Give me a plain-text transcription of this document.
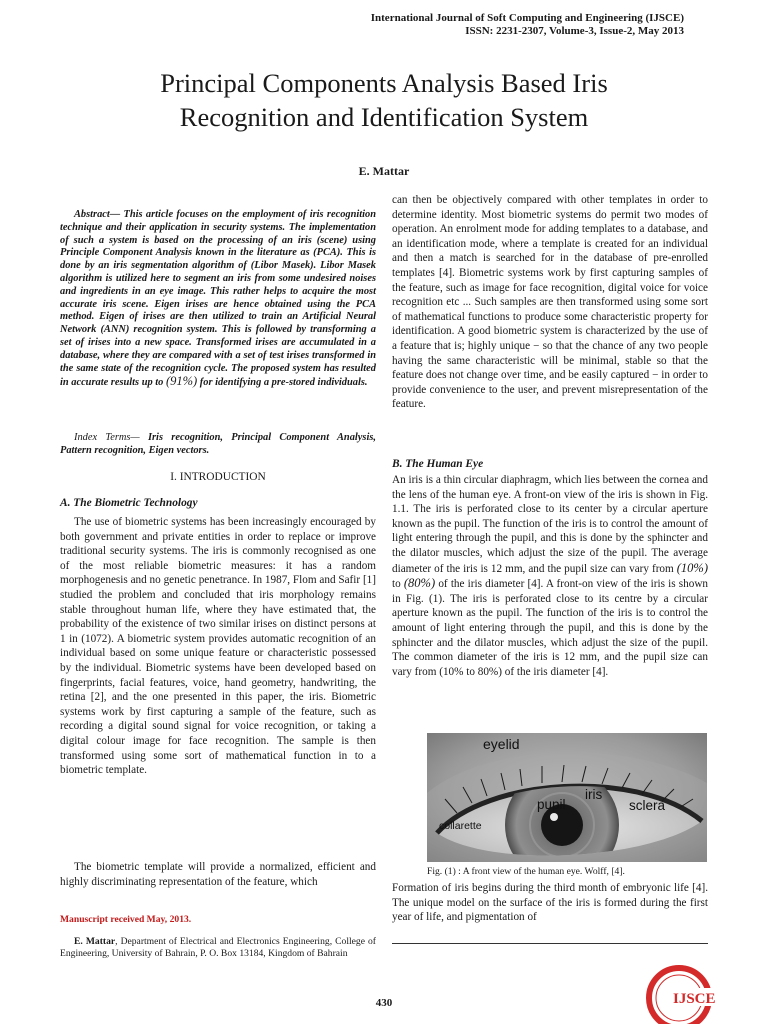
International Journal of Soft Computing and Engineering (IJSCE)
ISSN: 2231-2307, Volume-3, Issue-2, May 2013
Principal Components Analysis Based Iris
Recognition and Identification System
E. Mattar

Abstract— This article focuses on the employment of iris recognition technique and their application in security systems. The implementation of such a system is based on the processing of an iris (scene) using Principle Component Analysis known in the literature as (PCA). This is done by an iris segmentation algorithm of (Libor Masek). Libor Masek algorithm is utilized here to segment an iris from some undesired noises and ingredients in an eye image. This rather helps to acquire the most accurate iris scene. Eigen irises are hence obtained using the PCA method. Eigen of irises are then utilized to train an Artificial Neural Network (ANN) recognition system. This is followed by transforming a set of irises into a new space. Transformed irises are accumulated in a database, where they are compared with a set of test irises transformed in the same state of the recognition cycle. The proposed system has resulted in accurate results up to (91%) for identifying a pre-stored individuals.

Index Terms— Iris recognition, Principal Component Analysis, Pattern recognition, Eigen vectors.

I. INTRODUCTION
A. The Biometric Technology

The use of biometric systems has been increasingly encouraged by both government and private entities in order to replace or improve traditional security systems. The iris is commonly recognised as one of the most reliable biometric measures: it has a random morphogenesis and no genetic penetrance. In 1987, Flom and Safir [1] studied the problem and concluded that iris morphology remains stable throughout human life, where they have estimated that, the probability of the existence of two similar irises on distinct persons at 1 in (1072). A biometric system provides automatic recognition of an individual based on some unique feature or characteristic possessed by the individual. Biometric systems have been developed based on fingerprints, facial features, voice, hand geometry, handwriting, the retina [2], and the one presented in this paper, the iris. Biometric systems work by first capturing a sample of the feature, such as recording a digital sound signal for voice recognition, or taking a digital colour image for face recognition. The sample is then transformed using some sort of mathematical function in to a biometric template.

The biometric template will provide a normalized, efficient and highly discriminating representation of the feature, which

Manuscript received May, 2013.

E. Mattar, Department of Electrical and Electronics Engineering, College of Engineering, University of Bahrain, P. O. Box 13184, Kingdom of Bahrain

can then be objectively compared with other templates in order to determine identity. Most biometric systems do permit two modes of operation. An enrolment mode for adding templates to a database, and an identification mode, where a template is created for an individual and then a match is searched for in the database of pre-enrolled templates [4]. Biometric systems work by first capturing samples of the feature, such as image for face recognition, digital voice for voice recognition etc ... Such samples are then transformed using some sort of mathematical functions to produce some characteristic property for identification. A good biometric system is characterized by the use of a feature that is; highly unique − so that the chance of any two people having the same characteristic will be minimal, stable so that the feature does not change over time, and be easily captured − in order to provide convenience to the user, and prevent misrepresentation of the feature.

B. The Human Eye

An iris is a thin circular diaphragm, which lies between the cornea and the lens of the human eye. A front-on view of the iris is shown in Fig. 1.1. The iris is perforated close to its center by a circular aperture known as the pupil. The function of the iris is to control the amount of light entering through the pupil, and this is done by the sphincter and the dilator muscles, which adjust the size of the pupil. The average diameter of the iris is 12 mm, and the pupil size can vary from (10%) to (80%) of the iris diameter [4]. A front-on view of the iris is shown in Fig. (1). The iris is perforated close to its centre by a circular aperture known as the pupil. The function of the iris is to control the amount of light entering through the pupil, and this is done by the sphincter and the dilator muscles, which adjust the size of the pupil. The common diameter of the iris is 12 mm, and the pupil size can vary from (10% to 80%) of the iris diameter [4].

eyelid
iris
pupil	sclera
collarette
Fig. (1) : A front view of the human eye. Wolff, [4].

Formation of iris begins during the third month of embryonic life [4]. The unique model on the surface of the iris is formed during the first year of life, and pigmentation of

430	IJSCE
